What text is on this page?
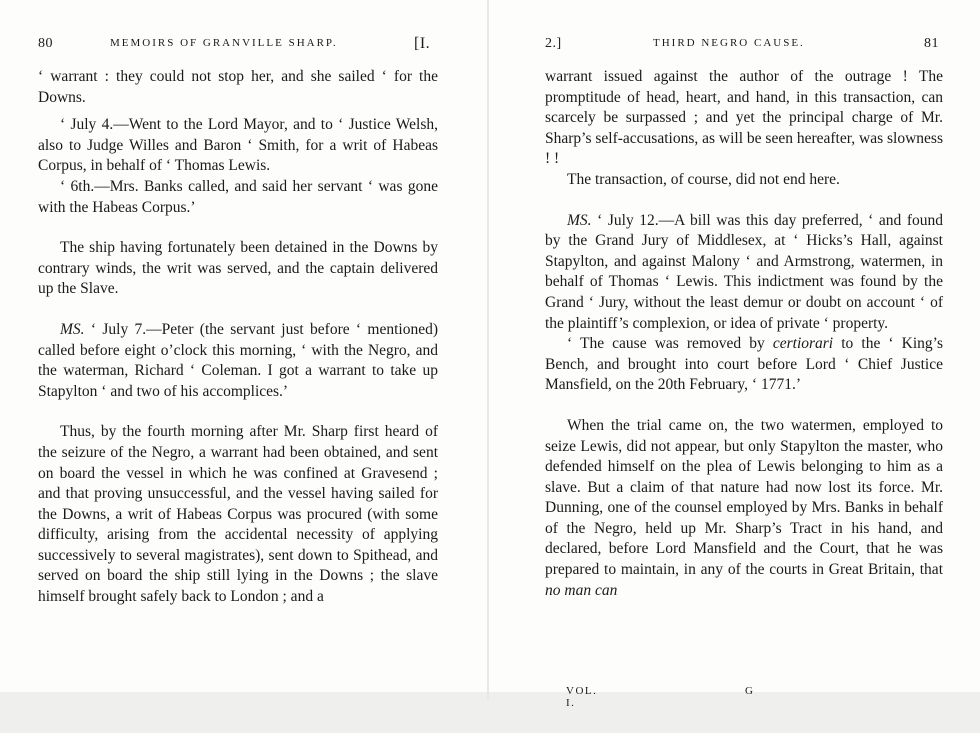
80	MEMOIRS OF GRANVILLE SHARP.	[I.

‘ warrant : they could not stop her, and she sailed ‘ for the Downs.

‘ July 4.—Went to the Lord Mayor, and to ‘ Justice Welsh, also to Judge Willes and Baron ‘ Smith, for a writ of Habeas Corpus, in behalf of ‘ Thomas Lewis.

‘ 6th.—Mrs. Banks called, and said her servant ‘ was gone with the Habeas Corpus.’

The ship having fortunately been detained in the Downs by contrary winds, the writ was served, and the captain delivered up the Slave.

MS. ‘ July 7.—Peter (the servant just before ‘ mentioned) called before eight o’clock this morning, ‘ with the Negro, and the waterman, Richard ‘ Coleman. I got a warrant to take up Stapylton ‘ and two of his accomplices.’

Thus, by the fourth morning after Mr. Sharp first heard of the seizure of the Negro, a warrant had been obtained, and sent on board the vessel in which he was confined at Gravesend ; and that proving unsuccessful, and the vessel having sailed for the Downs, a writ of Habeas Corpus was procured (with some difficulty, arising from the accidental necessity of applying successively to several magistrates), sent down to Spithead, and served on board the ship still lying in the Downs ; the slave himself brought safely back to London ; and a

2.]	THIRD NEGRO CAUSE.	81

warrant issued against the author of the outrage ! The promptitude of head, heart, and hand, in this transaction, can scarcely be surpassed ; and yet the principal charge of Mr. Sharp’s self-accusations, as will be seen hereafter, was slowness ! !

The transaction, of course, did not end here.

MS. ‘ July 12.—A bill was this day preferred, ‘ and found by the Grand Jury of Middlesex, at ‘ Hicks’s Hall, against Stapylton, and against Malony ‘ and Armstrong, watermen, in behalf of Thomas ‘ Lewis. This indictment was found by the Grand ‘ Jury, without the least demur or doubt on account ‘ of the plaintiff’s complexion, or idea of private ‘ property.

‘ The cause was removed by certiorari to the ‘ King’s Bench, and brought into court before Lord ‘ Chief Justice Mansfield, on the 20th February, ‘ 1771.’

When the trial came on, the two watermen, employed to seize Lewis, did not appear, but only Stapylton the master, who defended himself on the plea of Lewis belonging to him as a slave. But a claim of that nature had now lost its force. Mr. Dunning, one of the counsel employed by Mrs. Banks in behalf of the Negro, held up Mr. Sharp’s Tract in his hand, and declared, before Lord Mansfield and the Court, that he was prepared to maintain, in any of the courts in Great Britain, that no man can

VOL. I.
G
